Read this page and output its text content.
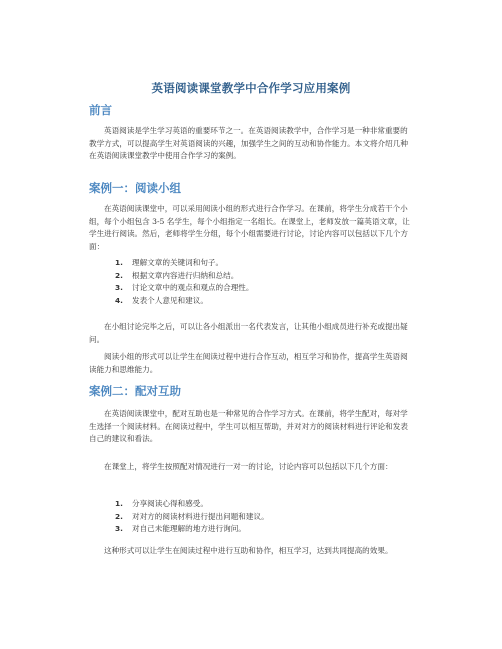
英语阅读课堂教学中合作学习应用案例
前言

英语阅读是学生学习英语的重要环节之一。在英语阅读教学中，合作学习是一种非常重要的教学方式，可以提高学生对英语阅读的兴趣，加强学生之间的互动和协作能力。本文将介绍几种在英语阅读课堂教学中使用合作学习的案例。

案例一：阅读小组

在英语阅读课堂中，可以采用阅读小组的形式进行合作学习。在课前，将学生分成若干个小组，每个小组包含 3-5 名学生，每个小组指定一名组长。在课堂上，老师发放一篇英语文章，让学生进行阅读。然后，老师将学生分组，每个小组需要进行讨论，讨论内容可以包括以下几个方面：

1. 理解文章的关键词和句子。
2. 根据文章内容进行归纳和总结。
3. 讨论文章中的观点和观点的合理性。
4. 发表个人意见和建议。

在小组讨论完毕之后，可以让各小组派出一名代表发言，让其他小组成员进行补充或提出疑问。

阅读小组的形式可以让学生在阅读过程中进行合作互动，相互学习和协作，提高学生英语阅读能力和思维能力。

案例二：配对互助

在英语阅读课堂中，配对互助也是一种常见的合作学习方式。在课前，将学生配对，每对学生选择一个阅读材料。在阅读过程中，学生可以相互帮助，并对对方的阅读材料进行评论和发表自己的建议和看法。

在课堂上，将学生按照配对情况进行一对一的讨论，讨论内容可以包括以下几个方面：

1. 分享阅读心得和感受。
2. 对对方的阅读材料进行提出问题和建议。
3. 对自己未能理解的地方进行询问。

这种形式可以让学生在阅读过程中进行互助和协作，相互学习，达到共同提高的效果。
